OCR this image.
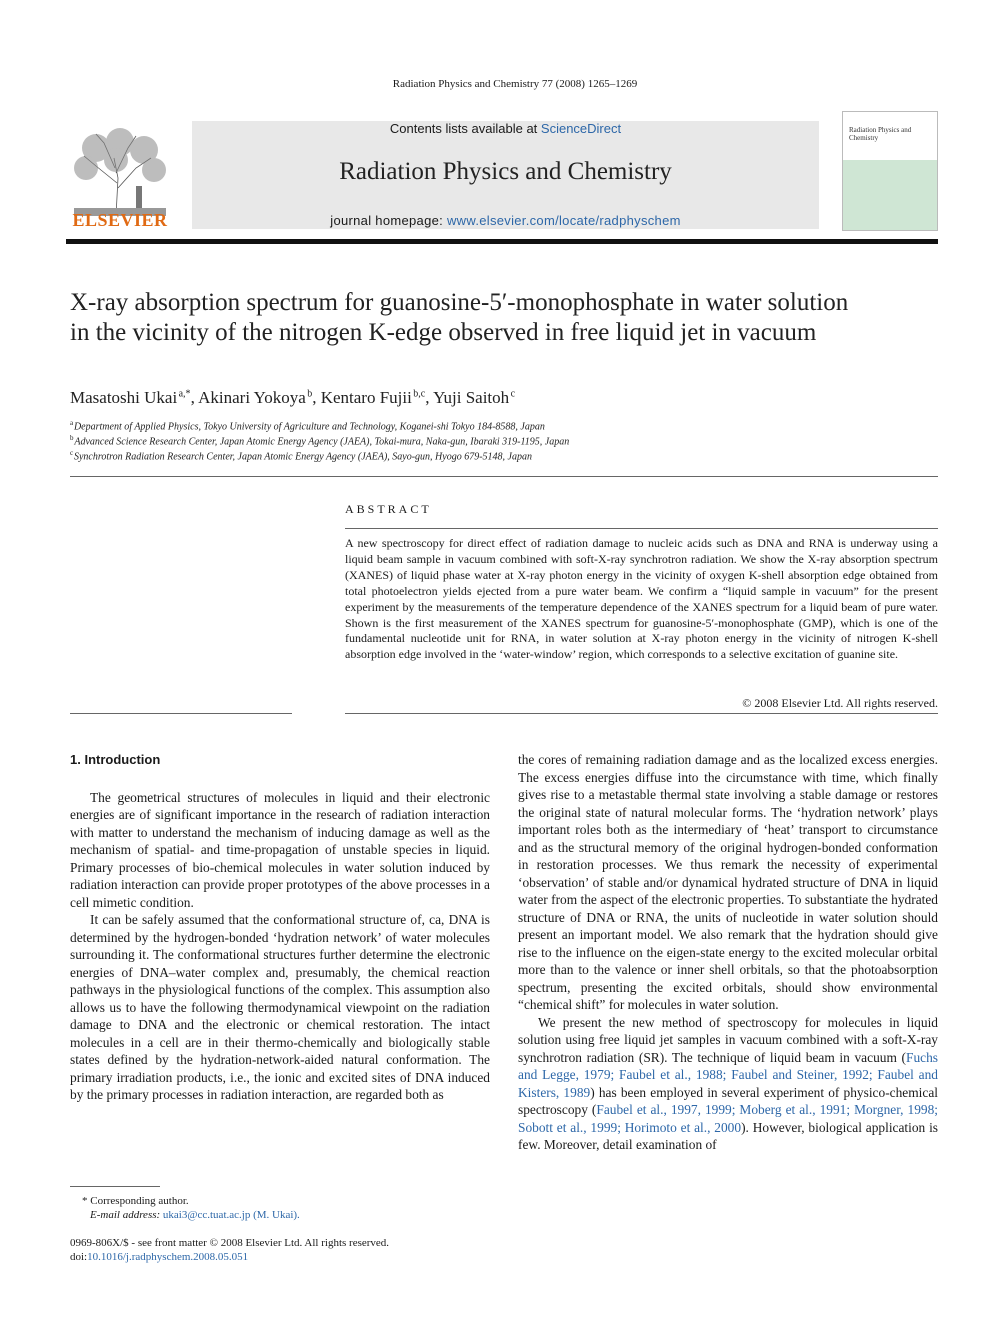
Radiation Physics and Chemistry 77 (2008) 1265–1269
ELSEVIER
Contents lists available at ScienceDirect
Radiation Physics and Chemistry
journal homepage: www.elsevier.com/locate/radphyschem
Radiation Physics and Chemistry
X-ray absorption spectrum for guanosine-5′-monophosphate in water solution in the vicinity of the nitrogen K-edge observed in free liquid jet in vacuum
Masatoshi Ukai $^{a,*}$, Akinari Yokoya $^b$, Kentaro Fujii $^{b,c}$, Yuji Saitoh $^c$
$^a$ Department of Applied Physics, Tokyo University of Agriculture and Technology, Koganei-shi Tokyo 184-8588, Japan
$^b$ Advanced Science Research Center, Japan Atomic Energy Agency (JAEA), Tokai-mura, Naka-gun, Ibaraki 319-1195, Japan
$^c$ Synchrotron Radiation Research Center, Japan Atomic Energy Agency (JAEA), Sayo-gun, Hyogo 679-5148, Japan
ABSTRACT
A new spectroscopy for direct effect of radiation damage to nucleic acids such as DNA and RNA is underway using a liquid beam sample in vacuum combined with soft-X-ray synchrotron radiation. We show the X-ray absorption spectrum (XANES) of liquid phase water at X-ray photon energy in the vicinity of oxygen K-shell absorption edge obtained from total photoelectron yields ejected from a pure water beam. We confirm a “liquid sample in vacuum” for the present experiment by the measurements of the temperature dependence of the XANES spectrum for a liquid beam of pure water. Shown is the first measurement of the XANES spectrum for guanosine-5′-monophosphate (GMP), which is one of the fundamental nucleotide unit for RNA, in water solution at X-ray photon energy in the vicinity of nitrogen K-shell absorption edge involved in the ‘water-window’ region, which corresponds to a selective excitation of guanine site.
© 2008 Elsevier Ltd. All rights reserved.
1. Introduction

The geometrical structures of molecules in liquid and their electronic energies are of significant importance in the research of radiation interaction with matter to understand the mechanism of inducing damage as well as the mechanism of spatial- and time-propagation of unstable species in liquid. Primary processes of bio-chemical molecules in water solution induced by radiation interaction can provide proper prototypes of the above processes in a cell mimetic condition.

It can be safely assumed that the conformational structure of, ca, DNA is determined by the hydrogen-bonded ‘hydration network’ of water molecules surrounding it. The conformational structures further determine the electronic energies of DNA–water complex and, presumably, the chemical reaction pathways in the physiological functions of the complex. This assumption also allows us to have the following thermodynamical viewpoint on the radiation damage to DNA and the electronic or chemical restoration. The intact molecules in a cell are in their thermo-chemically and biologically stable states defined by the hydration-network-aided natural conformation. The primary irradiation products, i.e., the ionic and excited sites of DNA induced by the primary processes in radiation interaction, are regarded both as

the cores of remaining radiation damage and as the localized excess energies. The excess energies diffuse into the circumstance with time, which finally gives rise to a metastable thermal state involving a stable damage or restores the original state of natural molecular forms. The ‘hydration network’ plays important roles both as the intermediary of ‘heat’ transport to circumstance and as the structural memory of the original hydrogen-bonded conformation in restoration processes. We thus remark the necessity of experimental ‘observation’ of stable and/or dynamical hydrated structure of DNA in liquid water from the aspect of the electronic properties. To substantiate the hydrated structure of DNA or RNA, the units of nucleotide in water solution should present an important model. We also remark that the hydration should give rise to the influence on the eigen-state energy to the excited molecular orbital more than to the valence or inner shell orbitals, so that the photoabsorption spectrum, presenting the excited orbitals, should show environmental “chemical shift” for molecules in water solution.

We present the new method of spectroscopy for molecules in liquid solution using free liquid jet samples in vacuum combined with a soft-X-ray synchrotron radiation (SR). The technique of liquid beam in vacuum (Fuchs and Legge, 1979; Faubel et al., 1988; Faubel and Steiner, 1992; Faubel and Kisters, 1989) has been employed in several experiment of physico-chemical spectroscopy (Faubel et al., 1997, 1999; Moberg et al., 1991; Morgner, 1998; Sobott et al., 1999; Horimoto et al., 2000). However, biological application is few. Moreover, detail examination of

* Corresponding author.
E-mail address: ukai3@cc.tuat.ac.jp (M. Ukai).
0969-806X/$ - see front matter © 2008 Elsevier Ltd. All rights reserved.
doi:10.1016/j.radphyschem.2008.05.051
